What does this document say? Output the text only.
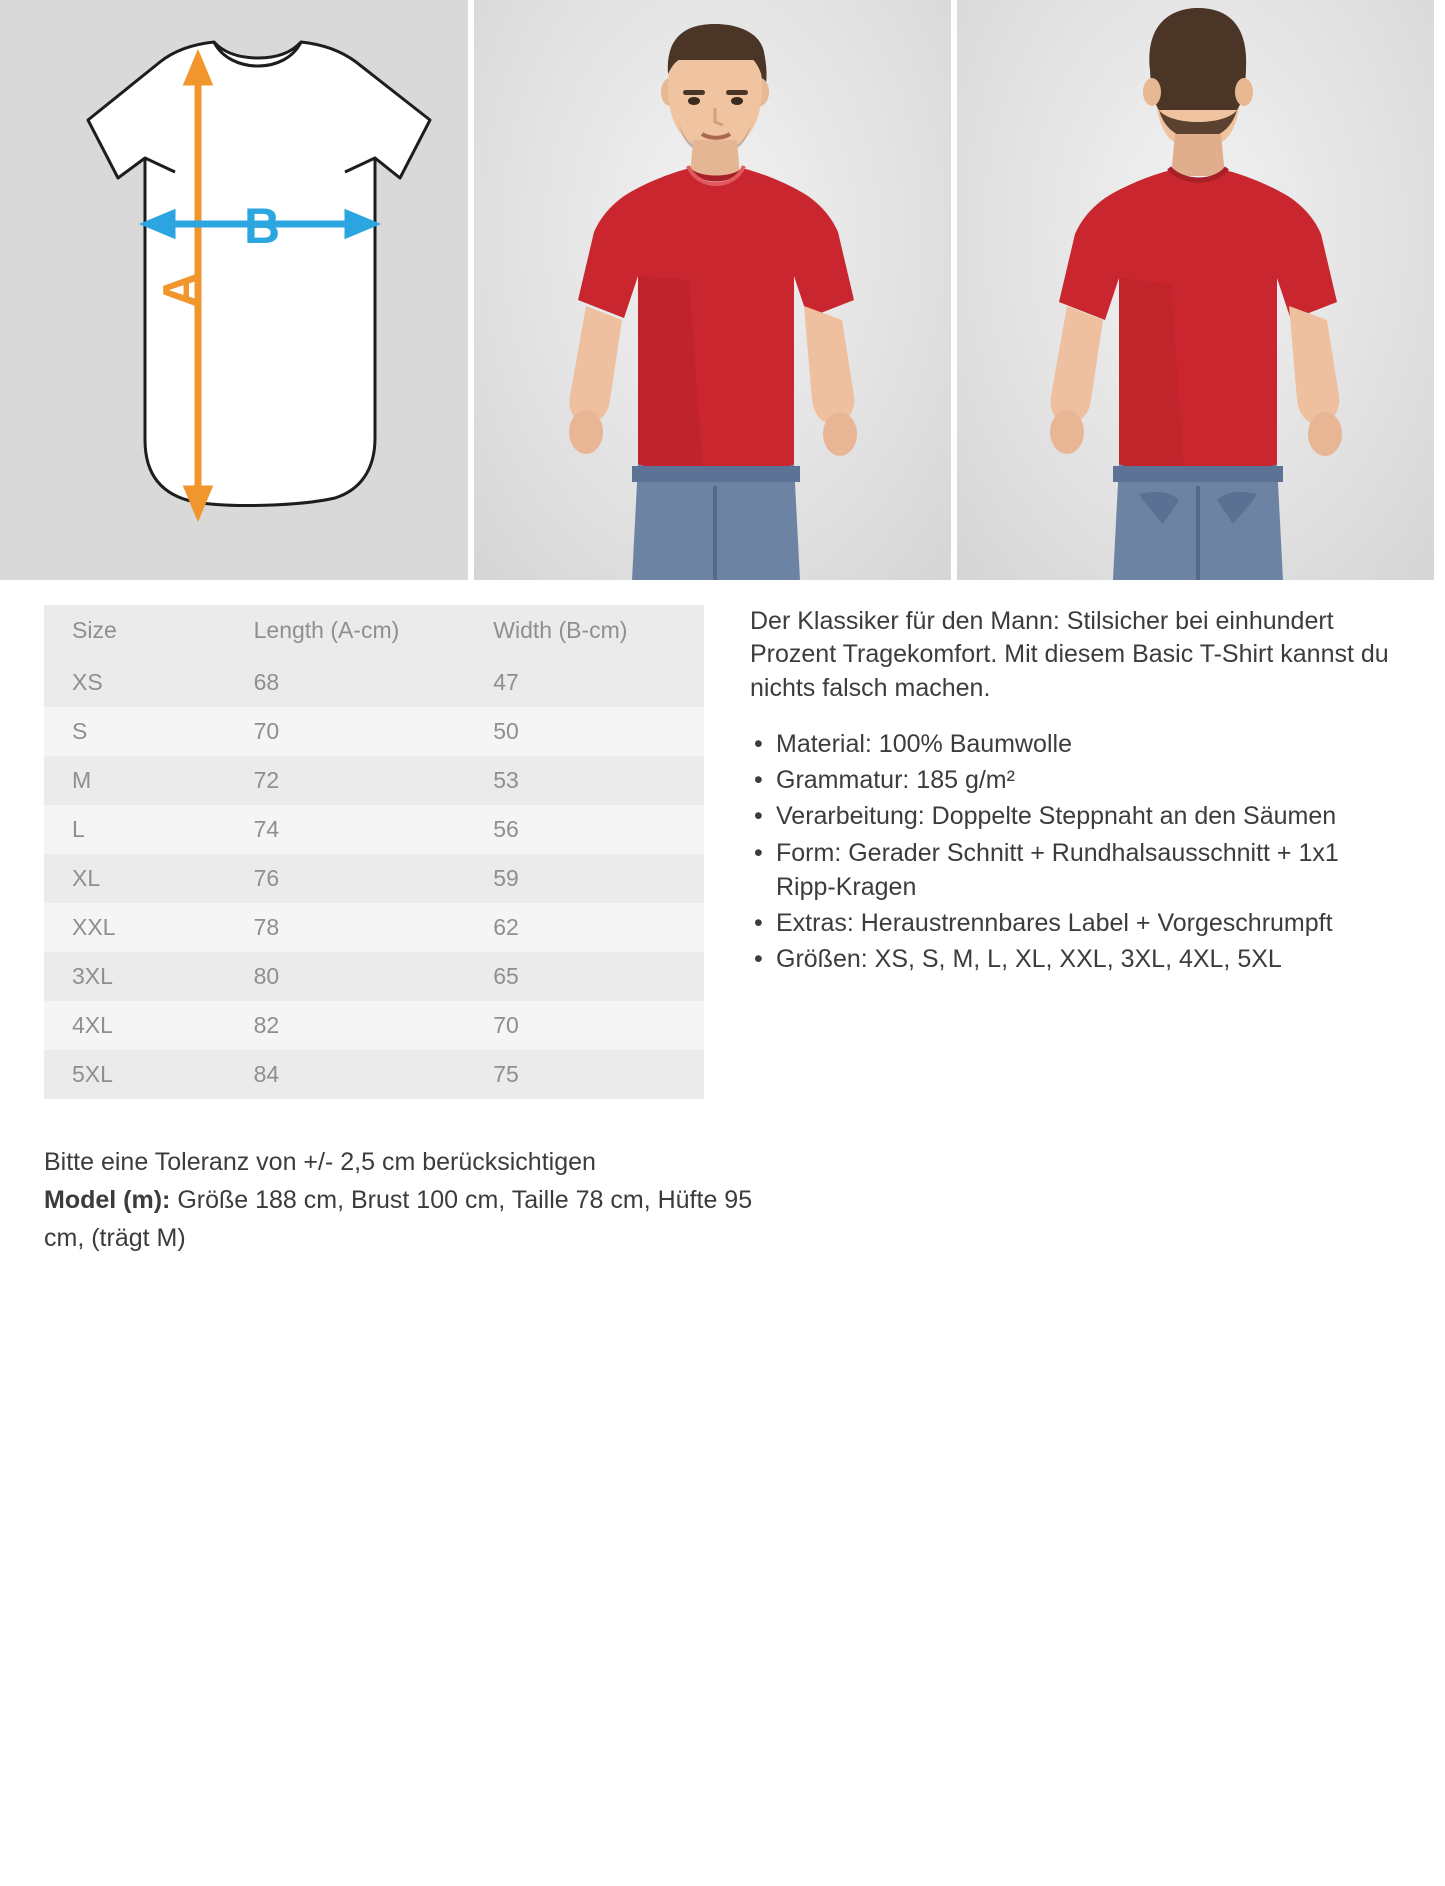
A
B
Size	Length (A-cm)	Width (B-cm)
XS	68	47
S	70	50
M	72	53
L	74	56
XL	76	59
XXL	78	62
3XL	80	65
4XL	82	70
5XL	84	75

Der Klassiker für den Mann: Stilsicher bei einhundert Prozent Tragekomfort. Mit diesem Basic T-Shirt kannst du nichts falsch machen.

• Material: 100% Baumwolle
• Grammatur: 185 g/m²
• Verarbeitung: Doppelte Steppnaht an den Säumen
• Form: Gerader Schnitt + Rundhalsausschnitt + 1x1 Ripp-Kragen
• Extras: Heraustrennbares Label + Vorgeschrumpft
• Größen: XS, S, M, L, XL, XXL, 3XL, 4XL, 5XL
Bitte eine Toleranz von +/- 2,5 cm berücksichtigen
Model (m): Größe 188 cm, Brust 100 cm, Taille 78 cm, Hüfte 95 cm, (trägt M)
